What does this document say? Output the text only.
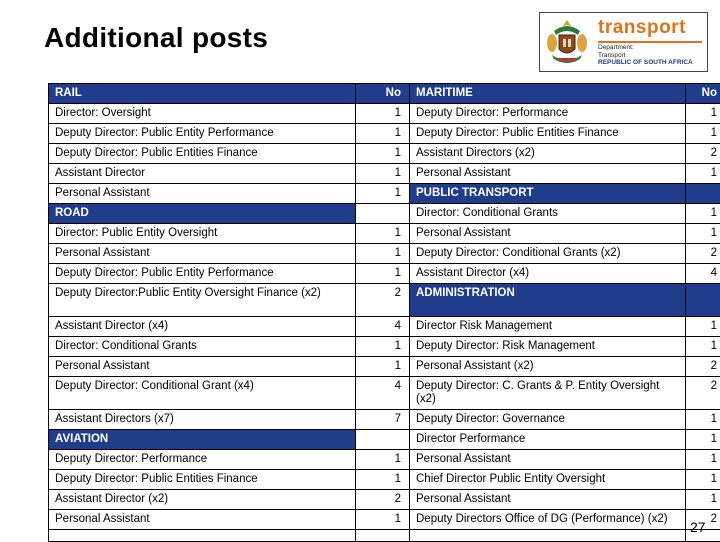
Additional posts	transport
Department:
Transport
REPUBLIC OF SOUTH AFRICA
RAIL	No	MARITIME	No
Director: Oversight	1	Deputy Director: Performance	1
Deputy Director: Public Entity Performance	1	Deputy Director: Public Entities Finance	1
Deputy Director: Public Entities Finance	1	Assistant Directors (x2)	2
Assistant Director	1	Personal Assistant	1
Personal Assistant	1	PUBLIC TRANSPORT	
ROAD		Director: Conditional Grants	1
Director: Public Entity Oversight	1	Personal Assistant	1
Personal Assistant	1	Deputy Director: Conditional Grants (x2)	2
Deputy Director: Public Entity Performance	1	Assistant Director (x4)	4
Deputy Director:Public Entity Oversight Finance (x2)	2	ADMINISTRATION	
Assistant Director (x4)	4	Director Risk Management	1
Director: Conditional Grants	1	Deputy Director: Risk Management	1
Personal Assistant	1	Personal Assistant (x2)	2
Deputy Director: Conditional Grant (x4)	4	Deputy Director: C. Grants & P. Entity Oversight (x2)	2
Assistant Directors (x7)	7	Deputy Director: Governance	1
AVIATION		Director Performance	1
Deputy Director: Performance	1	Personal Assistant	1
Deputy Director: Public Entities Finance	1	Chief Director Public Entity Oversight	1
Assistant Director (x2)	2	Personal Assistant	1
Personal Assistant	1	Deputy Directors Office of DG (Performance) (x2)	2

27
